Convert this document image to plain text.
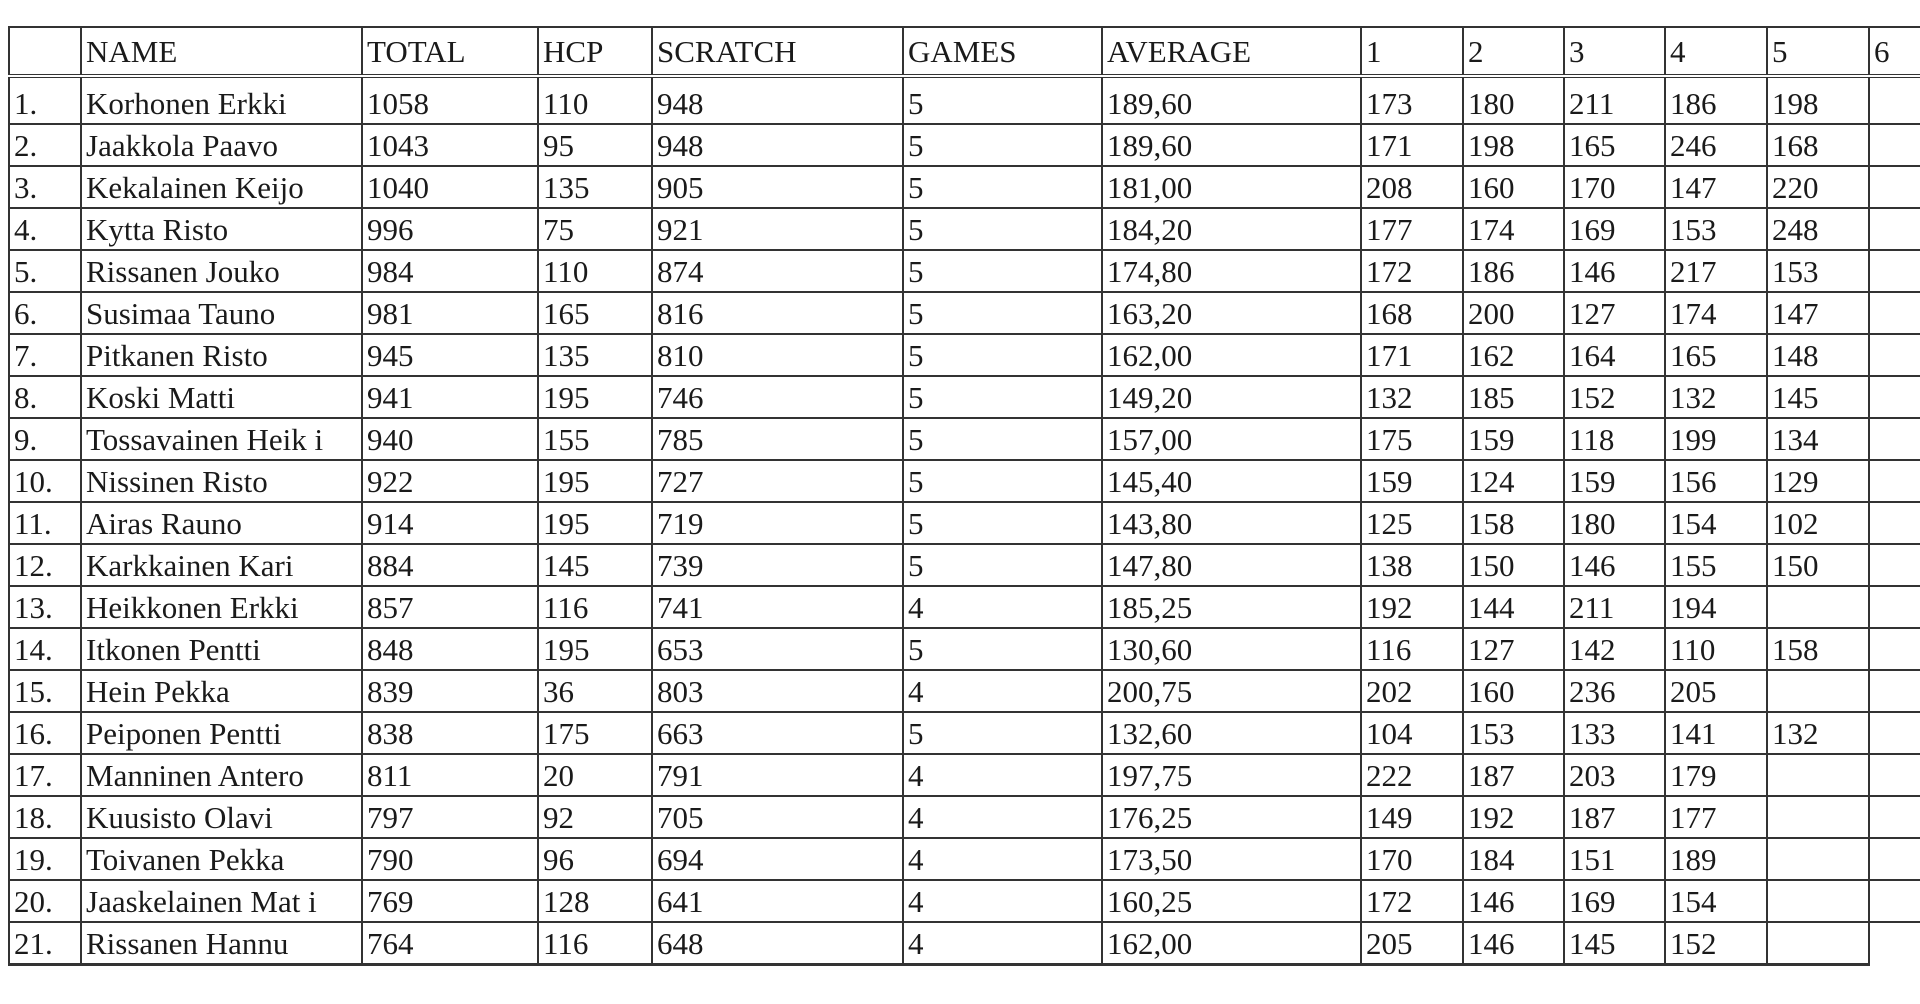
	NAME	TOTAL	HCP	SCRATCH	GAMES	AVERAGE	1	2	3	4	5	6
1.	Korhonen Erkki	1058	110	948	5	189,60	173	180	211	186	198	
2.	Jaakkola Paavo	1043	95	948	5	189,60	171	198	165	246	168	
3.	Kekalainen Keijo	1040	135	905	5	181,00	208	160	170	147	220	
4.	Kytta Risto	996	75	921	5	184,20	177	174	169	153	248	
5.	Rissanen Jouko	984	110	874	5	174,80	172	186	146	217	153	
6.	Susimaa Tauno	981	165	816	5	163,20	168	200	127	174	147	
7.	Pitkanen Risto	945	135	810	5	162,00	171	162	164	165	148	
8.	Koski Matti	941	195	746	5	149,20	132	185	152	132	145	
9.	Tossavainen Heik i	940	155	785	5	157,00	175	159	118	199	134	
10.	Nissinen Risto	922	195	727	5	145,40	159	124	159	156	129	
11.	Airas Rauno	914	195	719	5	143,80	125	158	180	154	102	
12.	Karkkainen Kari	884	145	739	5	147,80	138	150	146	155	150	
13.	Heikkonen Erkki	857	116	741	4	185,25	192	144	211	194		
14.	Itkonen Pentti	848	195	653	5	130,60	116	127	142	110	158	
15.	Hein Pekka	839	36	803	4	200,75	202	160	236	205		
16.	Peiponen Pentti	838	175	663	5	132,60	104	153	133	141	132	
17.	Manninen Antero	811	20	791	4	197,75	222	187	203	179		
18.	Kuusisto Olavi	797	92	705	4	176,25	149	192	187	177		
19.	Toivanen Pekka	790	96	694	4	173,50	170	184	151	189		
20.	Jaaskelainen Mat i	769	128	641	4	160,25	172	146	169	154		
21.	Rissanen Hannu	764	116	648	4	162,00	205	146	145	152		
